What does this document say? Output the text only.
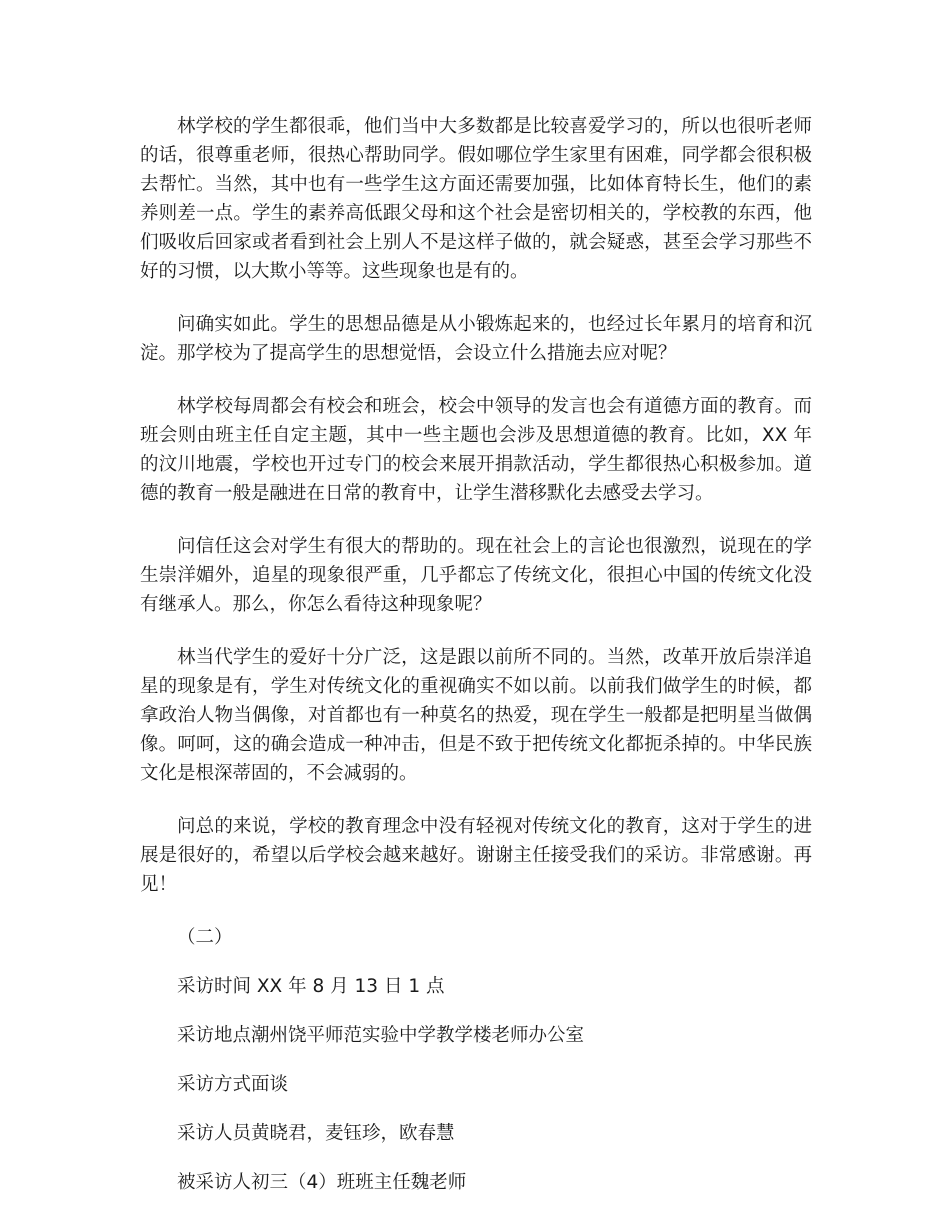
林学校的学生都很乖，他们当中大多数都是比较喜爱学习的，所以也很听老师的话，很尊重老师，很热心帮助同学。假如哪位学生家里有困难，同学都会很积极去帮忙。当然，其中也有一些学生这方面还需要加强，比如体育特长生，他们的素养则差一点。学生的素养高低跟父母和这个社会是密切相关的，学校教的东西，他们吸收后回家或者看到社会上别人不是这样子做的，就会疑惑，甚至会学习那些不好的习惯，以大欺小等等。这些现象也是有的。

问确实如此。学生的思想品德是从小锻炼起来的，也经过长年累月的培育和沉淀。那学校为了提高学生的思想觉悟，会设立什么措施去应对呢？

林学校每周都会有校会和班会，校会中领导的发言也会有道德方面的教育。而班会则由班主任自定主题，其中一些主题也会涉及思想道德的教育。比如，XX 年的汶川地震，学校也开过专门的校会来展开捐款活动，学生都很热心积极参加。道德的教育一般是融进在日常的教育中，让学生潜移默化去感受去学习。

问信任这会对学生有很大的帮助的。现在社会上的言论也很激烈，说现在的学生崇洋媚外，追星的现象很严重，几乎都忘了传统文化，很担心中国的传统文化没有继承人。那么，你怎么看待这种现象呢？

林当代学生的爱好十分广泛，这是跟以前所不同的。当然，改革开放后崇洋追星的现象是有，学生对传统文化的重视确实不如以前。以前我们做学生的时候，都拿政治人物当偶像，对首都也有一种莫名的热爱，现在学生一般都是把明星当做偶像。呵呵，这的确会造成一种冲击，但是不致于把传统文化都扼杀掉的。中华民族文化是根深蒂固的，不会减弱的。

问总的来说，学校的教育理念中没有轻视对传统文化的教育，这对于学生的进展是很好的，希望以后学校会越来越好。谢谢主任接受我们的采访。非常感谢。再见！

（二）

采访时间 XX 年 8 月 13 日 1 点

采访地点潮州饶平师范实验中学教学楼老师办公室

采访方式面谈

采访人员黄晓君，麦钰珍，欧春慧

被采访人初三（4）班班主任魏老师
